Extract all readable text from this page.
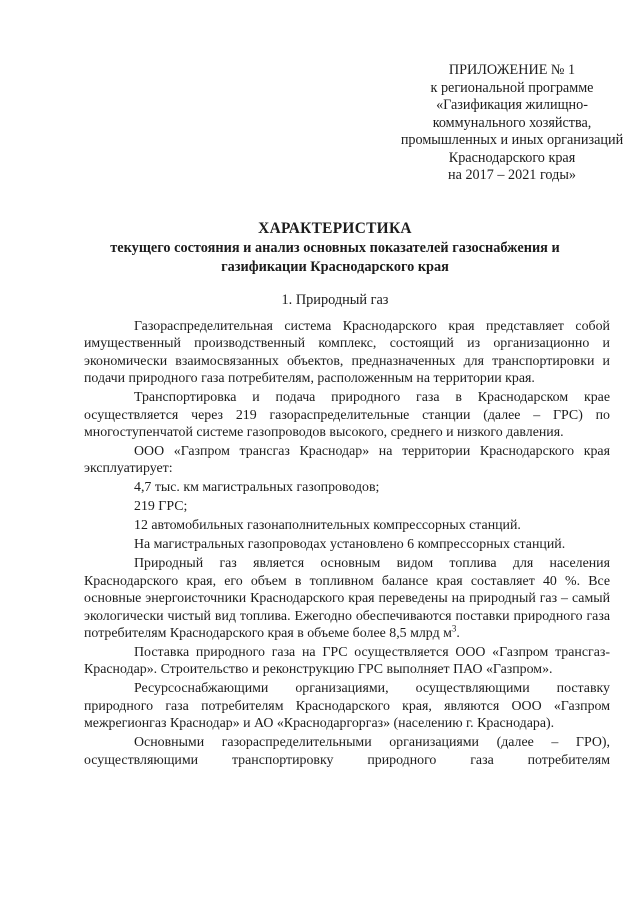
ПРИЛОЖЕНИЕ № 1
к региональной программе
«Газификация жилищно-
коммунального хозяйства,
промышленных и иных организаций
Краснодарского края
на 2017 – 2021 годы»
ХАРАКТЕРИСТИКА
текущего состояния и анализ основных показателей газоснабжения и
газификации Краснодарского края
1. Природный газ

Газораспределительная система Краснодарского края представляет собой имущественный производственный комплекс, состоящий из организационно и экономически взаимосвязанных объектов, предназначенных для транспортировки и подачи природного газа потребителям, расположенным на территории края.

Транспортировка и подача природного газа в Краснодарском крае осуществляется через 219 газораспределительные станции (далее – ГРС) по многоступенчатой системе газопроводов высокого, среднего и низкого давления.

ООО «Газпром трансгаз Краснодар» на территории Краснодарского края эксплуатирует:

4,7 тыс. км магистральных газопроводов;

219 ГРС;

12 автомобильных газонаполнительных компрессорных станций.

На магистральных газопроводах установлено 6 компрессорных станций.

Природный газ является основным видом топлива для населения Краснодарского края, его объем в топливном балансе края составляет 40 %. Все основные энергоисточники Краснодарского края переведены на природный газ – самый экологически чистый вид топлива. Ежегодно обеспечиваются поставки природного газа потребителям Краснодарского края в объеме более 8,5 млрд $м^3$.

Поставка природного газа на ГРС осуществляется ООО «Газпром трансгаз-Краснодар». Строительство и реконструкцию ГРС выполняет ПАО «Газпром».

Ресурсоснабжающими организациями, осуществляющими поставку природного газа потребителям Краснодарского края, являются ООО «Газпром межрегионгаз Краснодар» и АО «Краснодаргоргаз» (населению г. Краснодара).

Основными газораспределительными организациями (далее – ГРО), осуществляющими транспортировку природного газа потребителям
